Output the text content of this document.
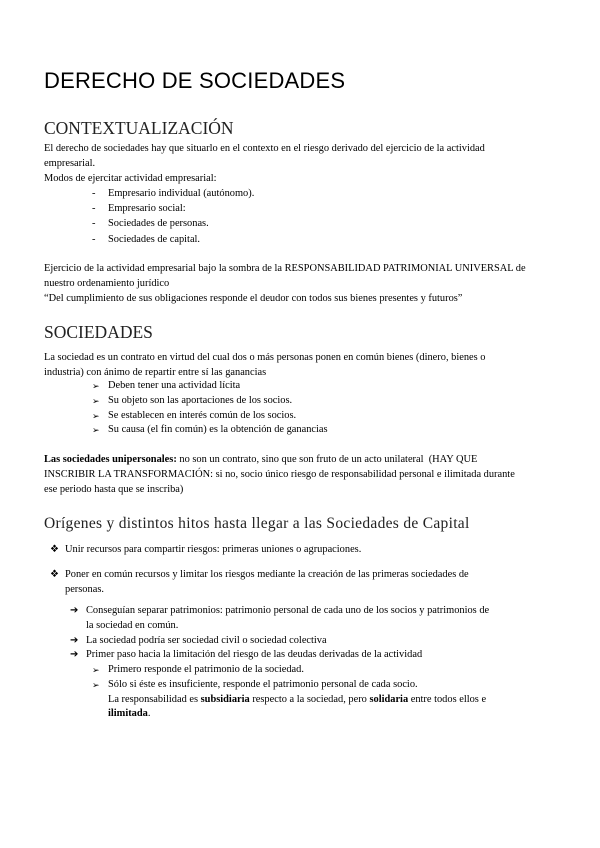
DERECHO DE SOCIEDADES
CONTEXTUALIZACIÓN
El derecho de sociedades hay que situarlo en el contexto en el riesgo derivado del ejercicio de la actividad
empresarial.
Modos de ejercitar actividad empresarial:
- Empresario individual (autónomo).
- Empresario social:
- Sociedades de personas.
- Sociedades de capital.
Ejercicio de la actividad empresarial bajo la sombra de la RESPONSABILIDAD PATRIMONIAL UNIVERSAL de
nuestro ordenamiento jurídico
“Del cumplimiento de sus obligaciones responde el deudor con todos sus bienes presentes y futuros”
SOCIEDADES
La sociedad es un contrato en virtud del cual dos o más personas ponen en común bienes (dinero, bienes o
industria) con ánimo de repartir entre sí las ganancias
➢ Deben tener una actividad lícita
➢ Su objeto son las aportaciones de los socios.
➢ Se establecen en interés común de los socios.
➢ Su causa (el fin común) es la obtención de ganancias
Las sociedades unipersonales: no son un contrato, sino que son fruto de un acto unilateral  (HAY QUE
INSCRIBIR LA TRANSFORMACIÓN: si no, socio único riesgo de responsabilidad personal e ilimitada durante
ese periodo hasta que se inscriba)
Orígenes y distintos hitos hasta llegar a las Sociedades de Capital
❖ Unir recursos para compartir riesgos: primeras uniones o agrupaciones.
❖ Poner en común recursos y limitar los riesgos mediante la creación de las primeras sociedades de
personas.
➔ Conseguían separar patrimonios: patrimonio personal de cada uno de los socios y patrimonios de
la sociedad en común.
➔ La sociedad podría ser sociedad civil o sociedad colectiva
➔ Primer paso hacia la limitación del riesgo de las deudas derivadas de la actividad
➢ Primero responde el patrimonio de la sociedad.
➢ Sólo si éste es insuficiente, responde el patrimonio personal de cada socio.
La responsabilidad es subsidiaria respecto a la sociedad, pero solidaria entre todos ellos e
ilimitada.
